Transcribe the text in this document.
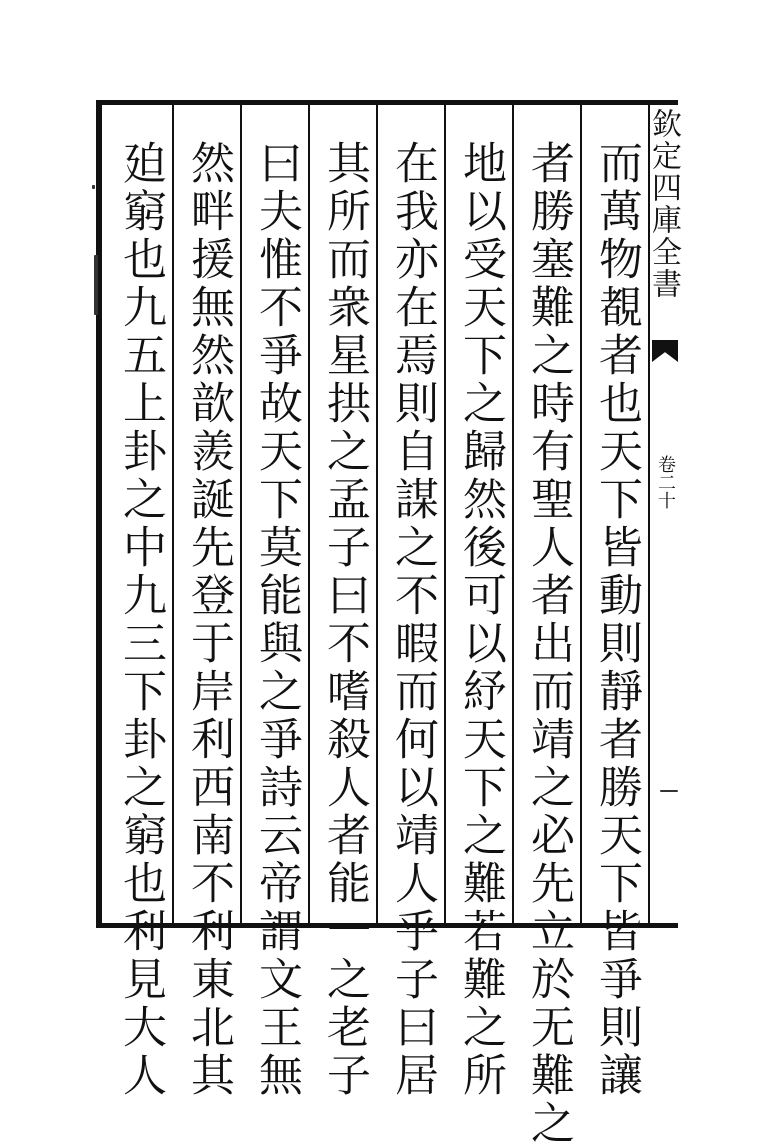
欽定四庫全書
卷二十
而萬物覩者也天下皆動則靜者勝天下皆爭則讓
者勝塞難之時有聖人者出而靖之必先立於无難之
地以受天下之歸然後可以紓天下之難若難之所
在我亦在焉則自謀之不暇而何以靖人乎子曰居
其所而衆星拱之孟子曰不嗜殺人者能一之老子
曰夫惟不爭故天下莫能與之爭詩云帝謂文王無
然畔援無然歆羨誕先登于岸利西南不利東北其
廹窮也九五上卦之中九三下卦之窮也利見大人
